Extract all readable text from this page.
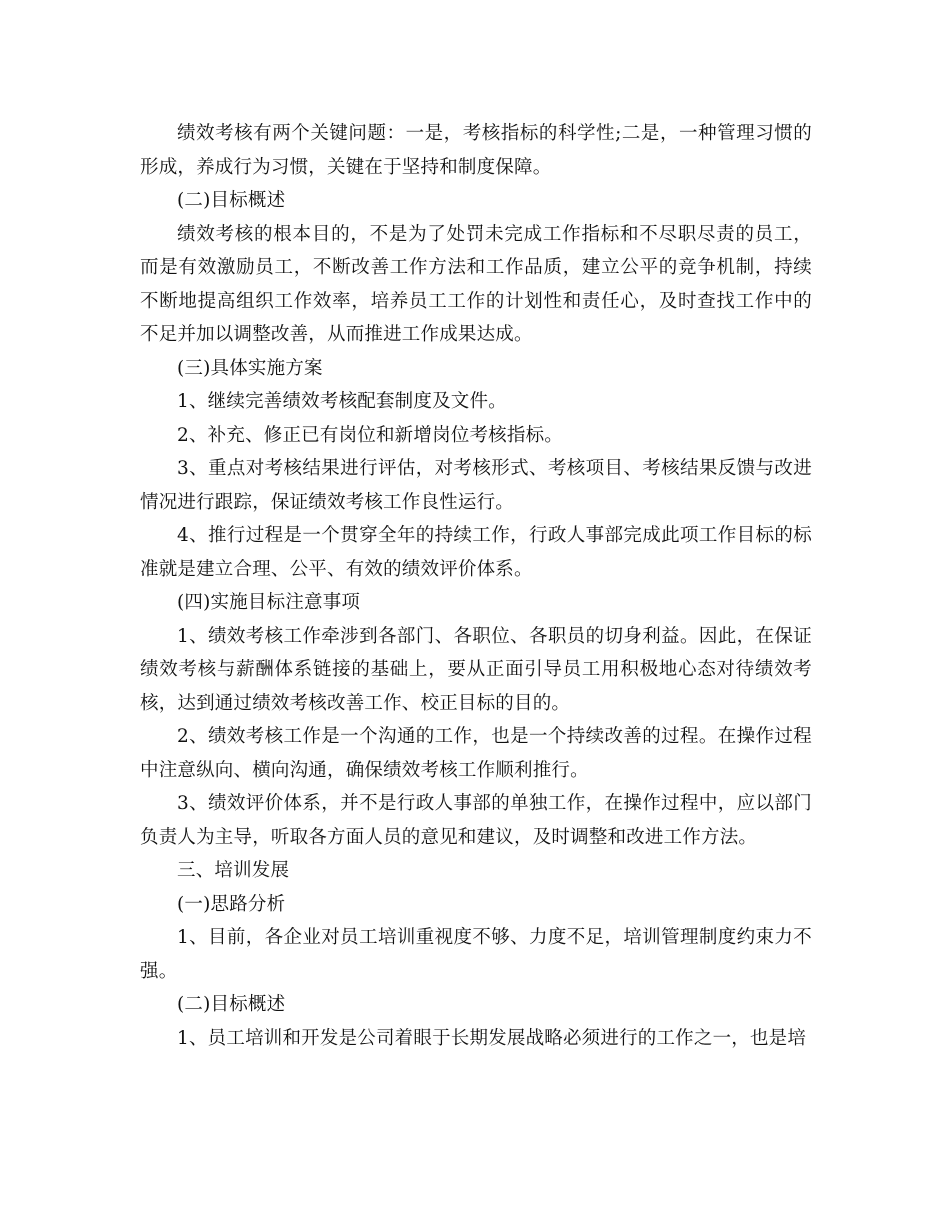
绩效考核有两个关键问题：一是，考核指标的科学性;二是，一种管理习惯的形成，养成行为习惯，关键在于坚持和制度保障。

(二)目标概述

绩效考核的根本目的，不是为了处罚未完成工作指标和不尽职尽责的员工，而是有效激励员工，不断改善工作方法和工作品质，建立公平的竞争机制，持续不断地提高组织工作效率，培养员工工作的计划性和责任心，及时查找工作中的不足并加以调整改善，从而推进工作成果达成。

(三)具体实施方案

1、继续完善绩效考核配套制度及文件。

2、补充、修正已有岗位和新增岗位考核指标。

3、重点对考核结果进行评估，对考核形式、考核项目、考核结果反馈与改进情况进行跟踪，保证绩效考核工作良性运行。

4、推行过程是一个贯穿全年的持续工作，行政人事部完成此项工作目标的标准就是建立合理、公平、有效的绩效评价体系。

(四)实施目标注意事项

1、绩效考核工作牵涉到各部门、各职位、各职员的切身利益。因此，在保证绩效考核与薪酬体系链接的基础上，要从正面引导员工用积极地心态对待绩效考核，达到通过绩效考核改善工作、校正目标的目的。

2、绩效考核工作是一个沟通的工作，也是一个持续改善的过程。在操作过程中注意纵向、横向沟通，确保绩效考核工作顺利推行。

3、绩效评价体系，并不是行政人事部的单独工作，在操作过程中，应以部门负责人为主导，听取各方面人员的意见和建议，及时调整和改进工作方法。

三、培训发展

(一)思路分析

1、目前，各企业对员工培训重视度不够、力度不足，培训管理制度约束力不强。

(二)目标概述

1、员工培训和开发是公司着眼于长期发展战略必须进行的工作之一，也是培
